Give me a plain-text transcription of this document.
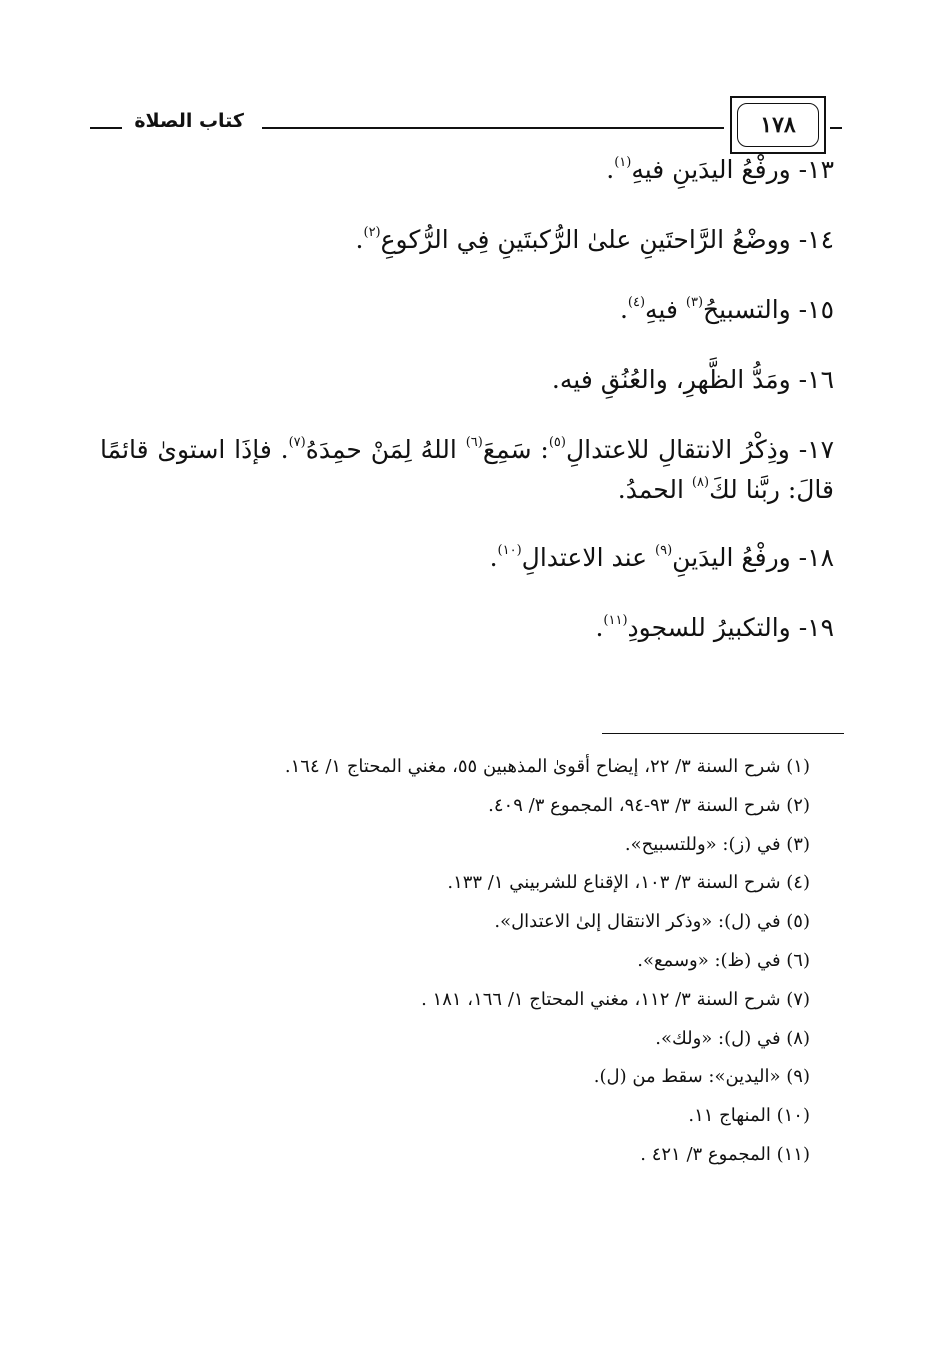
١٧٨
كتاب الصلاة

١٣- ورفْعُ اليدَينِ فيهِ$^{(١)}$.

١٤- ووضْعُ الرَّاحتَينِ علىٰ الرُّكبتَينِ فِي الرُّكوعِ$^{(٢)}$.

١٥- والتسبيحُ$^{(٣)}$ فيهِ$^{(٤)}$.

١٦- ومَدُّ الظَّهرِ، والعُنُقِ فيه.

١٧- وذِكْرُ الانتقالِ للاعتدالِ$^{(٥)}$: سَمِعَ$^{(٦)}$ اللهُ لِمَنْ حمِدَهُ$^{(٧)}$. فإذَا استوىٰ قائمًا قالَ: ربَّنا لكَ$^{(٨)}$ الحمدُ.

١٨- ورفْعُ اليدَينِ$^{(٩)}$ عند الاعتدالِ$^{(١٠)}$.

١٩- والتكبيرُ للسجودِ$^{(١١)}$.

(١) شرح السنة ٣/ ٢٢، إيضاح أقوىٰ المذهبين ٥٥، مغني المحتاج ١/ ١٦٤.
(٢) شرح السنة ٣/ ٩٣-٩٤، المجموع ٣/ ٤٠٩.
(٣) في (ز): «وللتسبيح».
(٤) شرح السنة ٣/ ١٠٣، الإقناع للشربيني ١/ ١٣٣.
(٥) في (ل): «وذكر الانتقال إلىٰ الاعتدال».
(٦) في (ظ): «وسمع».
(٧) شرح السنة ٣/ ١١٢، مغني المحتاج ١/ ١٦٦، ١٨١ .
(٨) في (ل): «ولك».
(٩) «اليدين»: سقط من (ل).
(١٠) المنهاج ١١.
(١١) المجموع ٣/ ٤٢١ .
